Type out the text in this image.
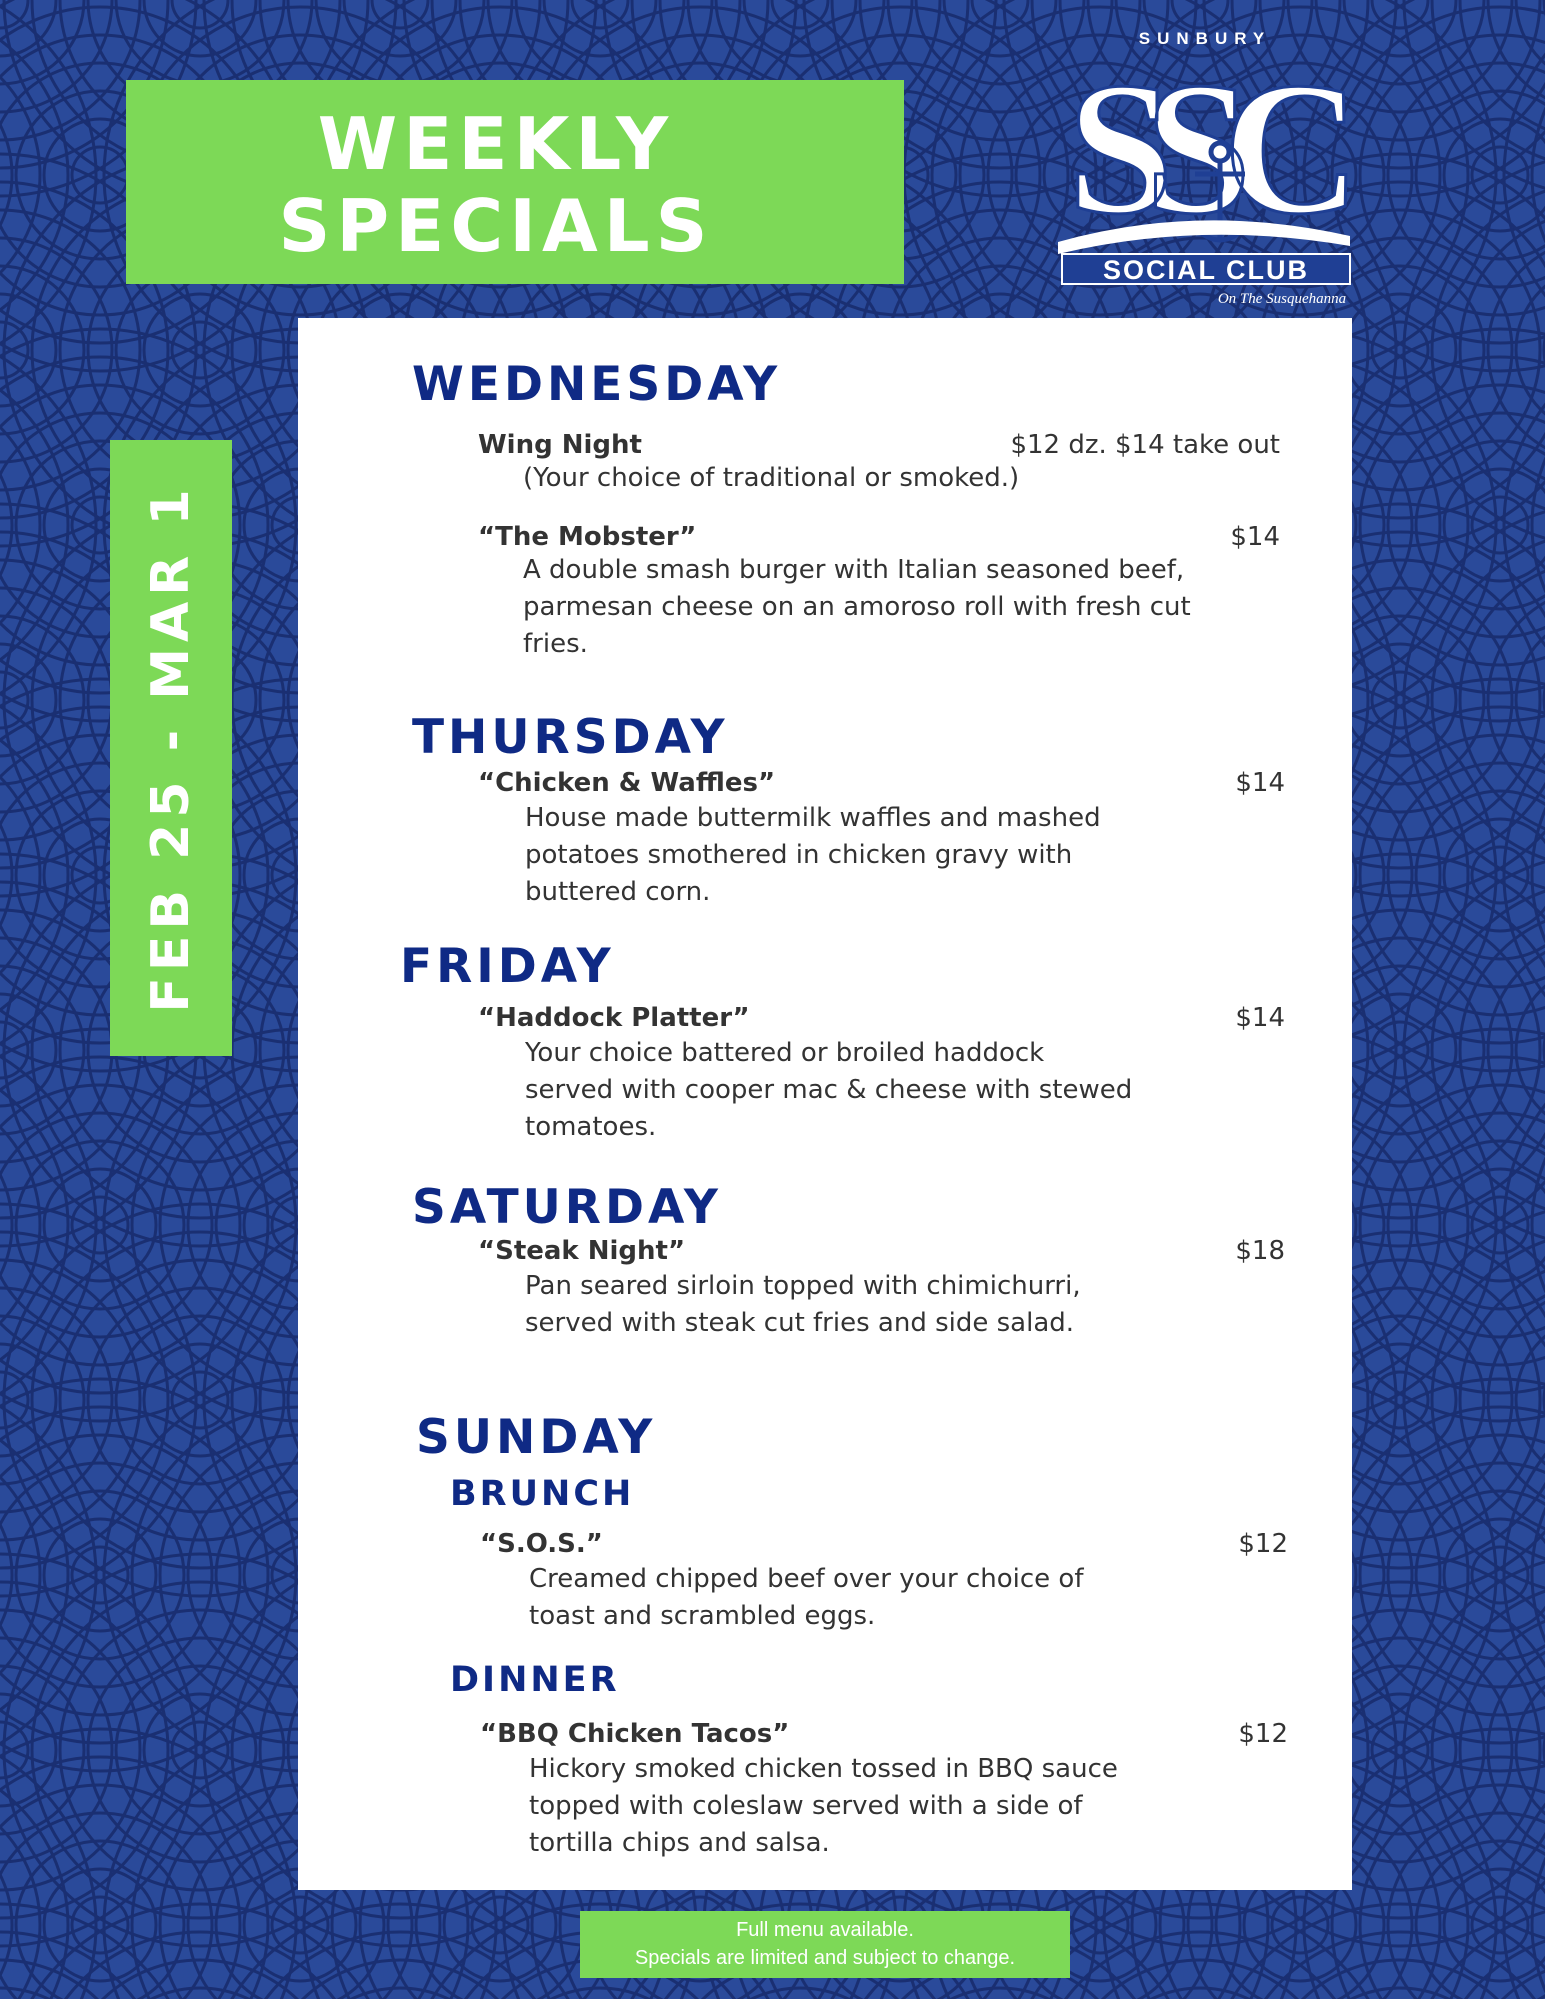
WEEKLY
SPECIALS
FEB 25 - MAR 1
SUNBURY
SSC
SOCIAL CLUB
On The Susquehanna
WEDNESDAY
Wing Night	$12 dz. $14 take out
(Your choice of traditional or smoked.)
“The Mobster”	$14
A double smash burger with Italian seasoned beef,
parmesan cheese on an amoroso roll with fresh cut
fries.
THURSDAY
“Chicken & Waffles”	$14
House made buttermilk waffles and mashed
potatoes smothered in chicken gravy with
buttered corn.
FRIDAY
“Haddock Platter”	$14
Your choice battered or broiled haddock
served with cooper mac & cheese with stewed
tomatoes.
SATURDAY
“Steak Night”	$18
Pan seared sirloin topped with chimichurri,
served with steak cut fries and side salad.
SUNDAY
BRUNCH
“S.O.S.”	$12
Creamed chipped beef over your choice of
toast and scrambled eggs.
DINNER
“BBQ Chicken Tacos”	$12
Hickory smoked chicken tossed in BBQ sauce
topped with coleslaw served with a side of
tortilla chips and salsa.
Full menu available.
Specials are limited and subject to change.
